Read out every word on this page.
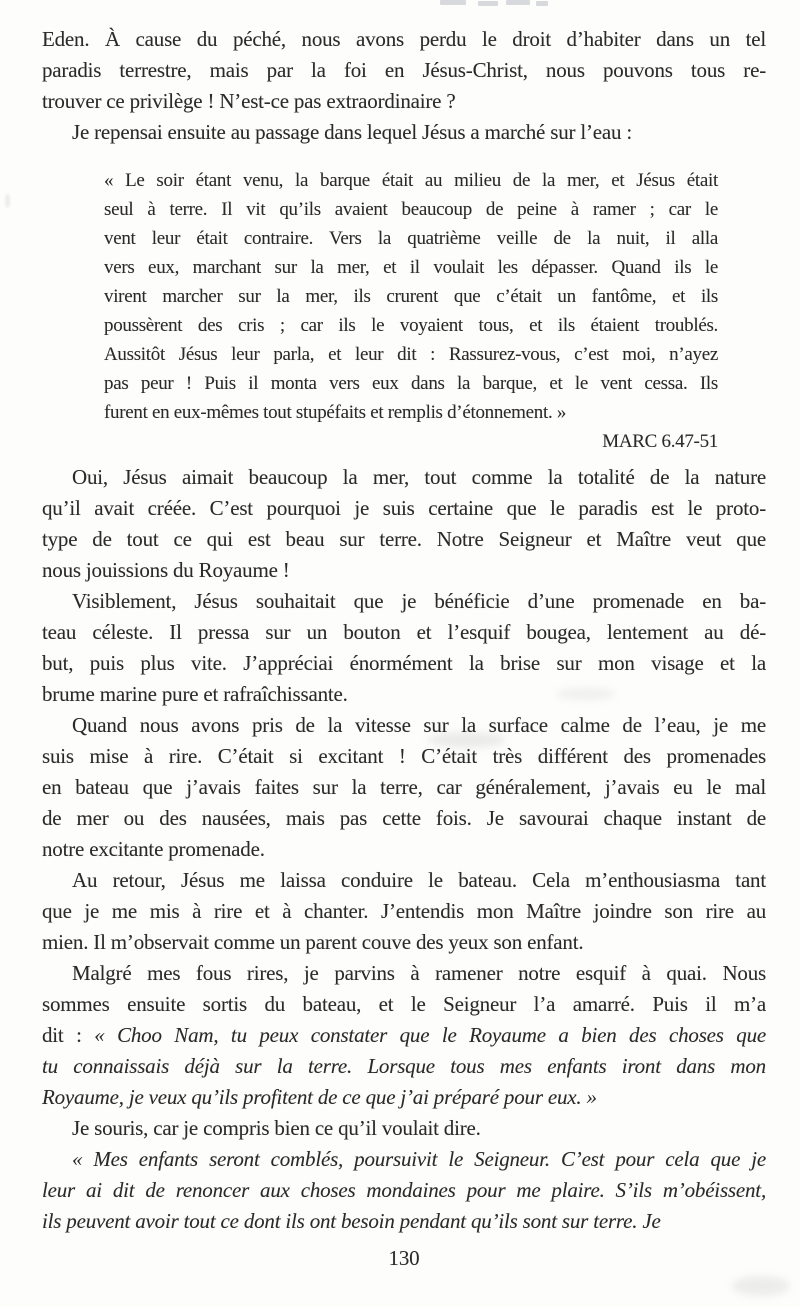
Eden. À cause du péché, nous avons perdu le droit d’habiter dans un tel
paradis terrestre, mais par la foi en Jésus-Christ, nous pouvons tous re-
trouver ce privilège ! N’est-ce pas extraordinaire ?
Je repensai ensuite au passage dans lequel Jésus a marché sur l’eau :
« Le soir étant venu, la barque était au milieu de la mer, et Jésus était
seul à terre. Il vit qu’ils avaient beaucoup de peine à ramer ; car le
vent leur était contraire. Vers la quatrième veille de la nuit, il alla
vers eux, marchant sur la mer, et il voulait les dépasser. Quand ils le
virent marcher sur la mer, ils crurent que c’était un fantôme, et ils
poussèrent des cris ; car ils le voyaient tous, et ils étaient troublés.
Aussitôt Jésus leur parla, et leur dit : Rassurez-vous, c’est moi, n’ayez
pas peur ! Puis il monta vers eux dans la barque, et le vent cessa. Ils
furent en eux-mêmes tout stupéfaits et remplis d’étonnement. »
MARC 6.47-51
Oui, Jésus aimait beaucoup la mer, tout comme la totalité de la nature
qu’il avait créée. C’est pourquoi je suis certaine que le paradis est le proto-
type de tout ce qui est beau sur terre. Notre Seigneur et Maître veut que
nous jouissions du Royaume !
Visiblement, Jésus souhaitait que je bénéficie d’une promenade en ba-
teau céleste. Il pressa sur un bouton et l’esquif bougea, lentement au dé-
but, puis plus vite. J’appréciai énormément la brise sur mon visage et la
brume marine pure et rafraîchissante.
Quand nous avons pris de la vitesse sur la surface calme de l’eau, je me
suis mise à rire. C’était si excitant ! C’était très différent des promenades
en bateau que j’avais faites sur la terre, car généralement, j’avais eu le mal
de mer ou des nausées, mais pas cette fois. Je savourai chaque instant de
notre excitante promenade.
Au retour, Jésus me laissa conduire le bateau. Cela m’enthousiasma tant
que je me mis à rire et à chanter. J’entendis mon Maître joindre son rire au
mien. Il m’observait comme un parent couve des yeux son enfant.
Malgré mes fous rires, je parvins à ramener notre esquif à quai. Nous
sommes ensuite sortis du bateau, et le Seigneur l’a amarré. Puis il m’a
dit : « Choo Nam, tu peux constater que le Royaume a bien des choses que
tu connaissais déjà sur la terre. Lorsque tous mes enfants iront dans mon
Royaume, je veux qu’ils profitent de ce que j’ai préparé pour eux. »
Je souris, car je compris bien ce qu’il voulait dire.
« Mes enfants seront comblés, poursuivit le Seigneur. C’est pour cela que je
leur ai dit de renoncer aux choses mondaines pour me plaire. S’ils m’obéissent,
ils peuvent avoir tout ce dont ils ont besoin pendant qu’ils sont sur terre. Je
130
